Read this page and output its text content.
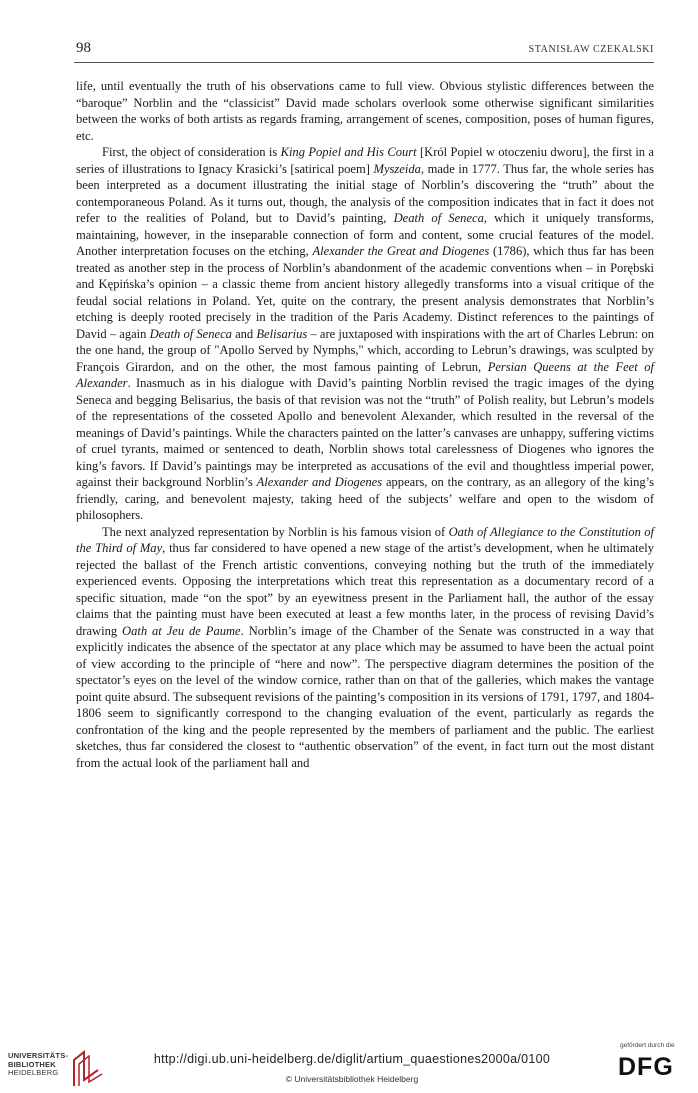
98	STANISŁAW CZEKALSKI

life, until eventually the truth of his observations came to full view. Obvious stylistic differences between the “baroque” Norblin and the “classicist” David made scholars overlook some otherwise significant similarities between the works of both artists as regards framing, arrangement of scenes, composition, poses of human figures, etc.

First, the object of consideration is King Popiel and His Court [Król Popiel w otoczeniu dworu], the first in a series of illustrations to Ignacy Krasicki’s [satirical poem] Myszeida, made in 1777. Thus far, the whole series has been interpreted as a document illustrating the initial stage of Norblin’s discovering the “truth” about the contemporaneous Poland. As it turns out, though, the analysis of the composition indicates that in fact it does not refer to the realities of Poland, but to David’s painting, Death of Seneca, which it uniquely transforms, maintaining, however, in the inseparable connection of form and content, some crucial features of the model. Another interpretation focuses on the etching, Alexander the Great and Diogenes (1786), which thus far has been treated as another step in the process of Norblin’s abandonment of the academic conventions when – in Porębski and Kępińska’s opinion – a classic theme from ancient history allegedly transforms into a visual critique of the feudal social relations in Poland. Yet, quite on the contrary, the present analysis demonstrates that Norblin’s etching is deeply rooted precisely in the tradition of the Paris Academy. Distinct references to the paintings of David – again Death of Seneca and Belisarius – are juxtaposed with inspirations with the art of Charles Lebrun: on the one hand, the group of "Apollo Served by Nymphs," which, according to Lebrun’s drawings, was sculpted by François Girardon, and on the other, the most famous painting of Lebrun, Persian Queens at the Feet of Alexander. Inasmuch as in his dialogue with David’s painting Norblin revised the tragic images of the dying Seneca and begging Belisarius, the basis of that revision was not the “truth” of Polish reality, but Lebrun’s models of the representations of the cosseted Apollo and benevolent Alexander, which resulted in the reversal of the meanings of David’s paintings. While the characters painted on the latter’s canvases are unhappy, suffering victims of cruel tyrants, maimed or sentenced to death, Norblin shows total carelessness of Diogenes who ignores the king’s favors. If David’s paintings may be interpreted as accusations of the evil and thoughtless imperial power, against their background Norblin’s Alexander and Diogenes appears, on the contrary, as an allegory of the king’s friendly, caring, and benevolent majesty, taking heed of the subjects’ welfare and open to the wisdom of philosophers.

The next analyzed representation by Norblin is his famous vision of Oath of Allegiance to the Constitution of the Third of May, thus far considered to have opened a new stage of the artist’s development, when he ultimately rejected the ballast of the French artistic conventions, conveying nothing but the truth of the immediately experienced events. Opposing the interpretations which treat this representation as a documentary record of a specific situation, made “on the spot” by an eyewitness present in the Parliament hall, the author of the essay claims that the painting must have been executed at least a few months later, in the process of revising David’s drawing Oath at Jeu de Paume. Norblin’s image of the Chamber of the Senate was constructed in a way that explicitly indicates the absence of the spectator at any place which may be assumed to have been the actual point of view according to the principle of “here and now”. The perspective diagram determines the position of the spectator’s eyes on the level of the window cornice, rather than on that of the galleries, which makes the vantage point quite absurd. The subsequent revisions of the painting’s composition in its versions of 1791, 1797, and 1804-1806 seem to significantly correspond to the changing evaluation of the event, particularly as regards the confrontation of the king and the people represented by the members of parliament and the public. The earliest sketches, thus far considered the closest to “authentic observation” of the event, in fact turn out the most distant from the actual look of the parliament hall and

UNIVERSITÄTS-
BIBLIOTHEK
HEIDELBERG
http://digi.ub.uni-heidelberg.de/diglit/artium_quaestiones2000a/0100
© Universitätsbibliothek Heidelberg
gefördert durch die
DFG
